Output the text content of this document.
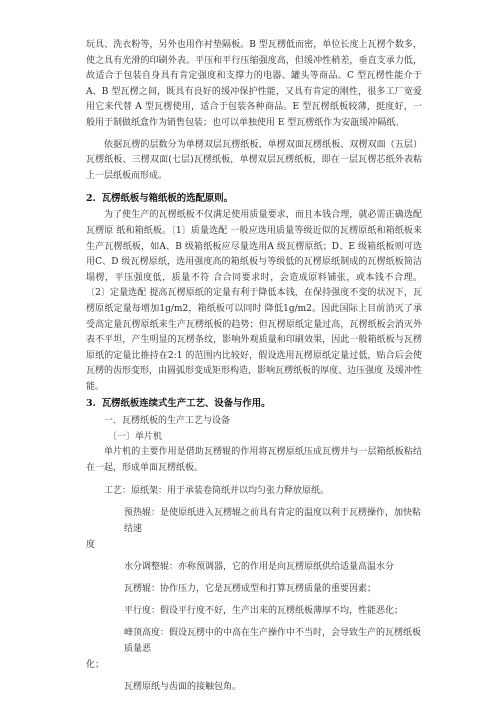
玩具、洗衣粉等，另外也用作衬垫隔板。B 型瓦楞低而密，单位长度上瓦楞个数多，使之具有光滑的印刷外表。平压和平行压缩强度高，但缓冲性稍差，垂直支承力低，故适合于包装自身具有肯定强度和支撑力的电器、罐头等商品。C 型瓦楞性能介于A、B 型瓦楞之间，既具有良好的缓冲保护性能，又具有肯定的刚性，很多工厂宽爱用它来代替 A 型瓦楞使用，适合于包装各种商品。E 型瓦楞纸板较薄，挺度好，一般用于制做纸盒作为销售包装；也可以单独使用 E 型瓦楞纸作为安瓿缓冲隔纸。

依据瓦楞的层数分为单楞双层瓦楞纸板、单楞双面瓦楞纸板、双楞双面（五层）瓦楞纸板、三楞双面(七层)瓦楞纸板，单楞双层瓦楞纸板，即在一层瓦楞芯纸外表粘上一层纸板而形成。

2. 瓦楞纸板与箱纸板的选配原则。

为了使生产的瓦楞纸板不仅满足使用质量要求，而且本钱合理，就必需正确选配瓦楞原 纸和箱纸板。〔1〕质量选配 一般应选用质量等级近似的瓦楞原纸和箱纸板来生产瓦楞纸板，如A、B 级箱纸板应尽量选用A 级瓦楞原纸；D、E 级箱纸板则可选用C、D 级瓦楞原纸，选用强度高的箱纸板与等级低的瓦楞原纸制成的瓦楞纸板简洁塌楞，平压强度低，质量不符 合合同要求时，会造成原料铺张，或本钱不合理。 〔2〕定量选配 提高瓦楞原纸的定量有利于降低本钱，在保持强度不变的状况下，瓦楞原纸定量每增加1g/m2，箱纸板可以同时 降低1g/m2。因此国际上目前消灭了承受高定量瓦楞原纸来生产瓦楞纸板的趋势；但瓦楞原纸定量过高，瓦楞纸板会消灭外表不平坦，产生明显的瓦楞条纹，影响外观质量和印刷效果，因此一般箱纸板与瓦楞原纸的定量比推持在2:1 的范围内比较好，假设选用瓦楞原纸定量过低，贴合后会使瓦楞的齿形变形，由圆弧形变成矩形构造，影响瓦楞纸板的厚度、边压强度 及缓冲性能。

3. 瓦楞纸板连续式生产工艺、设备与作用。

一．瓦楞纸板的生产工艺与设备

〔一〕单片机

单片机的主要作用是借助瓦楞辊的作用将瓦楞原纸压成瓦楞并与一层箱纸板粘结在一起，形成单面瓦楞纸板。

工艺：原纸架：用于承装卷筒纸并以均匀张力释放原纸。

预热辊：是使原纸进入瓦楞辊之前具有肯定的温度以利于瓦楞操作，加快粘结速

度

水分调整辊：亦称预调器，它的作用是向瓦楞原纸供给适量高温水分

瓦楞辊：协作压力，它是瓦楞成型和打算瓦楞质量的重要因素；

平行度：假设平行度不好，生产出来的瓦楞纸板薄厚不均，性能恶化；

峰顶高度：假设瓦楞中的中高在生产操作中不当时，会导致生产的瓦楞纸板质量恶

化；

瓦楞原纸与齿面的接触包角。
